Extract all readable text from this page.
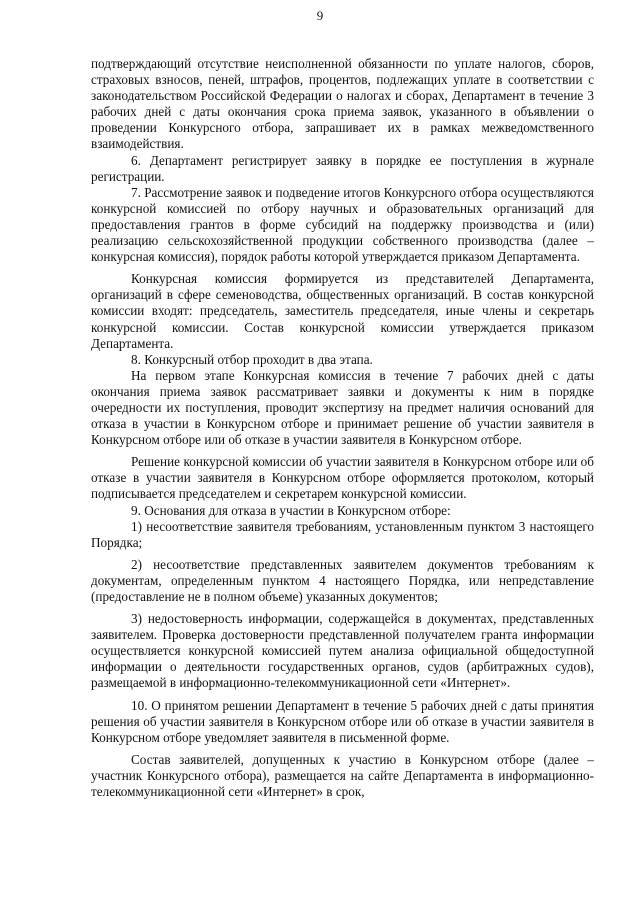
9

подтверждающий отсутствие неисполненной обязанности по уплате налогов, сборов, страховых взносов, пеней, штрафов, процентов, подлежащих уплате в соответствии с законодательством Российской Федерации о налогах и сборах, Департамент в течение 3 рабочих дней с даты окончания срока приема заявок, указанного в объявлении о проведении Конкурсного отбора, запрашивает их в рамках межведомственного взаимодействия.

6. Департамент регистрирует заявку в порядке ее поступления в журнале регистрации.

7. Рассмотрение заявок и подведение итогов Конкурсного отбора осуществляются конкурсной комиссией по отбору научных и образовательных организаций для предоставления грантов в форме субсидий на поддержку производства и (или) реализацию сельскохозяйственной продукции собственного производства (далее – конкурсная комиссия), порядок работы которой утверждается приказом Департамента.

Конкурсная комиссия формируется из представителей Департамента, организаций в сфере семеноводства, общественных организаций. В состав конкурсной комиссии входят: председатель, заместитель председателя, иные члены и секретарь конкурсной комиссии. Состав конкурсной комиссии утверждается приказом Департамента.

8. Конкурсный отбор проходит в два этапа.

На первом этапе Конкурсная комиссия в течение 7 рабочих дней с даты окончания приема заявок рассматривает заявки и документы к ним в порядке очередности их поступления, проводит экспертизу на предмет наличия оснований для отказа в участии в Конкурсном отборе и принимает решение об участии заявителя в Конкурсном отборе или об отказе в участии заявителя в Конкурсном отборе.

Решение конкурсной комиссии об участии заявителя в Конкурсном отборе или об отказе в участии заявителя в Конкурсном отборе оформляется протоколом, который подписывается председателем и секретарем конкурсной комиссии.

9. Основания для отказа в участии в Конкурсном отборе:

1) несоответствие заявителя требованиям, установленным пунктом 3 настоящего Порядка;

2) несоответствие представленных заявителем документов требованиям к документам, определенным пунктом 4 настоящего Порядка, или непредставление (предоставление не в полном объеме) указанных документов;

3) недостоверность информации, содержащейся в документах, представленных заявителем. Проверка достоверности представленной получателем гранта информации осуществляется конкурсной комиссией путем анализа официальной общедоступной информации о деятельности государственных органов, судов (арбитражных судов), размещаемой в информационно-телекоммуникационной сети «Интернет».

10. О принятом решении Департамент в течение 5 рабочих дней с даты принятия решения об участии заявителя в Конкурсном отборе или об отказе в участии заявителя в Конкурсном отборе уведомляет заявителя в письменной форме.

Состав заявителей, допущенных к участию в Конкурсном отборе (далее – участник Конкурсного отбора), размещается на сайте Департамента в информационно-телекоммуникационной сети «Интернет» в срок,
